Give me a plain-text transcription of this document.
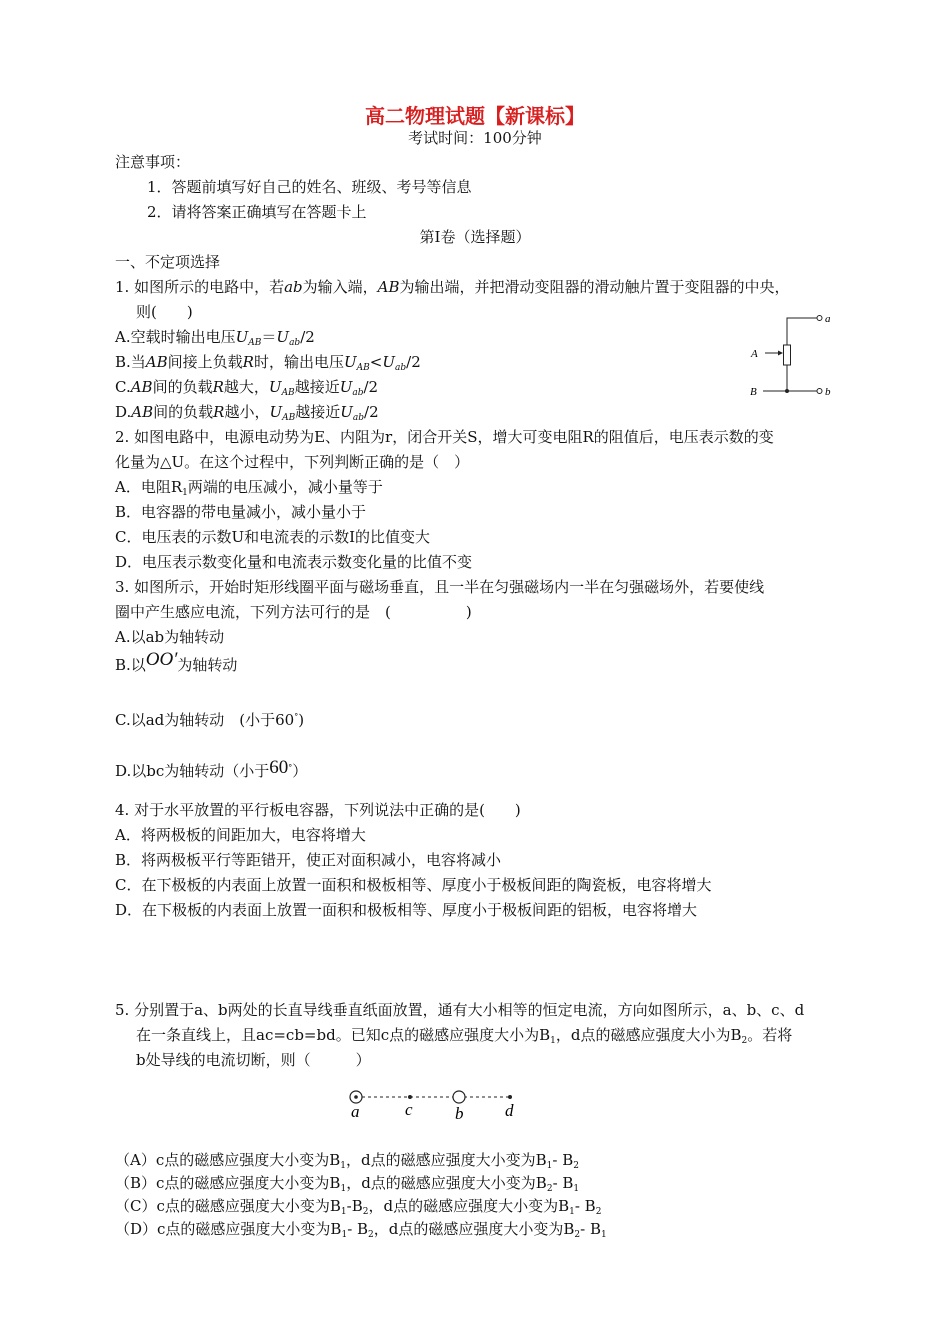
高二物理试题【新课标】
考试时间：100分钟
注意事项：
1．答题前填写好自己的姓名、班级、考号等信息
2．请将答案正确填写在答题卡上
第I卷（选择题）
一、不定项选择
1. 如图所示的电路中，若ab为输入端，AB为输出端，并把滑动变阻器的滑动触片置于变阻器的中央，
则(　　)
A.空载时输出电压$U_{AB}=U_{ab}/2$
B.当AB间接上负载R时，输出电压$U_{AB}<U_{ab}/2$
C.AB间的负载R越大，$U_{AB}$越接近$U_{ab}/2$
D.AB间的负载R越小，$U_{AB}$越接近$U_{ab}/2$
a
b
A
B
2. 如图电路中，电源电动势为E、内阻为r，闭合开关S，增大可变电阻R的阻值后，电压表示数的变
化量为△U。在这个过程中，下列判断正确的是（　）
A．电阻$R_1$两端的电压减小，减小量等于
B．电容器的带电量减小，减小量小于
C．电压表的示数U和电流表的示数I的比值变大
D．电压表示数变化量和电流表示数变化量的比值不变
3. 如图所示，开始时矩形线圈平面与磁场垂直，且一半在匀强磁场内一半在匀强磁场外，若要使线
圈中产生感应电流，下列方法可行的是　(　　　　　)
A.以ab为轴转动
B.以OO′为轴转动
C.以ad为轴转动　(小于60°)
D.以bc为轴转动（小于60°）
4. 对于水平放置的平行板电容器，下列说法中正确的是(　　)
A．将两极板的间距加大，电容将增大
B．将两极板平行等距错开，使正对面积减小，电容将减小
C．在下极板的内表面上放置一面积和极板相等、厚度小于极板间距的陶瓷板，电容将增大
D．在下极板的内表面上放置一面积和极板相等、厚度小于极板间距的铝板，电容将增大
5. 分别置于a、b两处的长直导线垂直纸面放置，通有大小相等的恒定电流，方向如图所示，a、b、c、d
在一条直线上，且ac=cb=bd。已知c点的磁感应强度大小为$B_1$，d点的磁感应强度大小为$B_2$。若将
b处导线的电流切断，则（　　　）
a	c b d
（A）c点的磁感应强度大小变为$B_1$，d点的磁感应强度大小变为$B_1-$ $B_2$
（B）c点的磁感应强度大小变为$B_1$，d点的磁感应强度大小变为$B_2-$ $B_1$
（C）c点的磁感应强度大小变为$B_1-B_2$，d点的磁感应强度大小变为$B_1-$ $B_2$
（D）c点的磁感应强度大小变为$B_1-$ $B_2$，d点的磁感应强度大小变为$B_2-$ $B_1$
